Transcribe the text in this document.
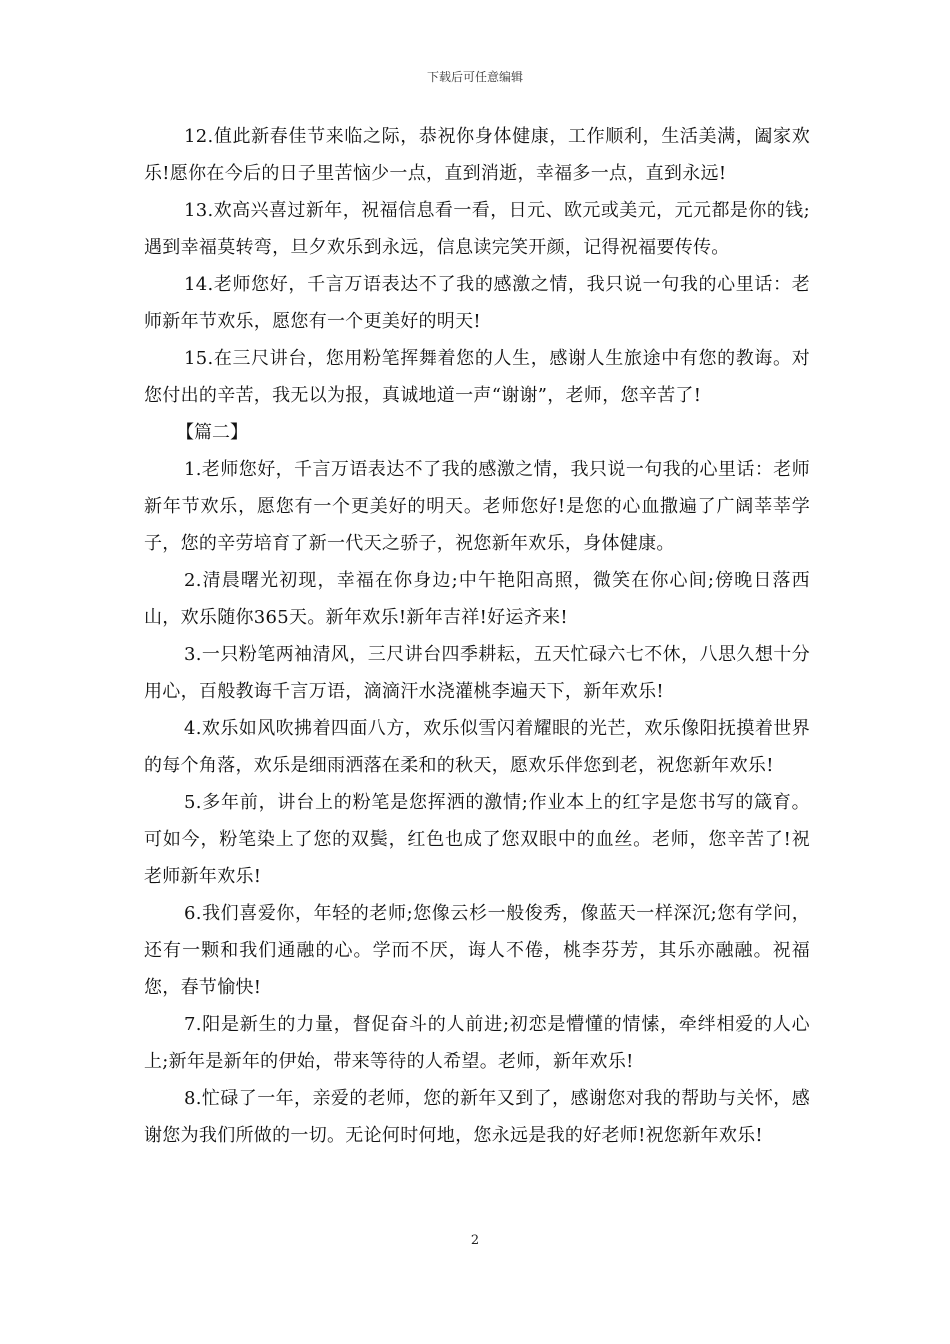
下载后可任意编辑

12.值此新春佳节来临之际，恭祝你身体健康，工作顺利，生活美满，阖家欢乐!愿你在今后的日子里苦恼少一点，直到消逝，幸福多一点，直到永远!

13.欢高兴喜过新年，祝福信息看一看，日元、欧元或美元，元元都是你的钱;遇到幸福莫转弯，旦夕欢乐到永远，信息读完笑开颜，记得祝福要传传。

14.老师您好，千言万语表达不了我的感激之情，我只说一句我的心里话：老师新年节欢乐，愿您有一个更美好的明天!

15.在三尺讲台，您用粉笔挥舞着您的人生，感谢人生旅途中有您的教诲。对您付出的辛苦，我无以为报，真诚地道一声“谢谢”，老师，您辛苦了!

【篇二】

1.老师您好，千言万语表达不了我的感激之情，我只说一句我的心里话：老师新年节欢乐，愿您有一个更美好的明天。老师您好!是您的心血撒遍了广阔莘莘学子，您的辛劳培育了新一代天之骄子，祝您新年欢乐，身体健康。

2.清晨曙光初现，幸福在你身边;中午艳阳高照，微笑在你心间;傍晚日落西山，欢乐随你365天。新年欢乐!新年吉祥!好运齐来!

3.一只粉笔两袖清风，三尺讲台四季耕耘，五天忙碌六七不休，八思久想十分用心，百般教诲千言万语，滴滴汗水浇灌桃李遍天下，新年欢乐!

4.欢乐如风吹拂着四面八方，欢乐似雪闪着耀眼的光芒，欢乐像阳抚摸着世界的每个角落，欢乐是细雨洒落在柔和的秋天，愿欢乐伴您到老，祝您新年欢乐!

5.多年前，讲台上的粉笔是您挥洒的激情;作业本上的红字是您书写的箴育。可如今，粉笔染上了您的双鬓，红色也成了您双眼中的血丝。老师，您辛苦了!祝老师新年欢乐!

6.我们喜爱你，年轻的老师;您像云杉一般俊秀，像蓝天一样深沉;您有学问，还有一颗和我们通融的心。学而不厌，诲人不倦，桃李芬芳，其乐亦融融。祝福您，春节愉快!

7.阳是新生的力量，督促奋斗的人前进;初恋是懵懂的情愫，牵绊相爱的人心上;新年是新年的伊始，带来等待的人希望。老师，新年欢乐!

8.忙碌了一年，亲爱的老师，您的新年又到了，感谢您对我的帮助与关怀，感谢您为我们所做的一切。无论何时何地，您永远是我的好老师!祝您新年欢乐!

2
